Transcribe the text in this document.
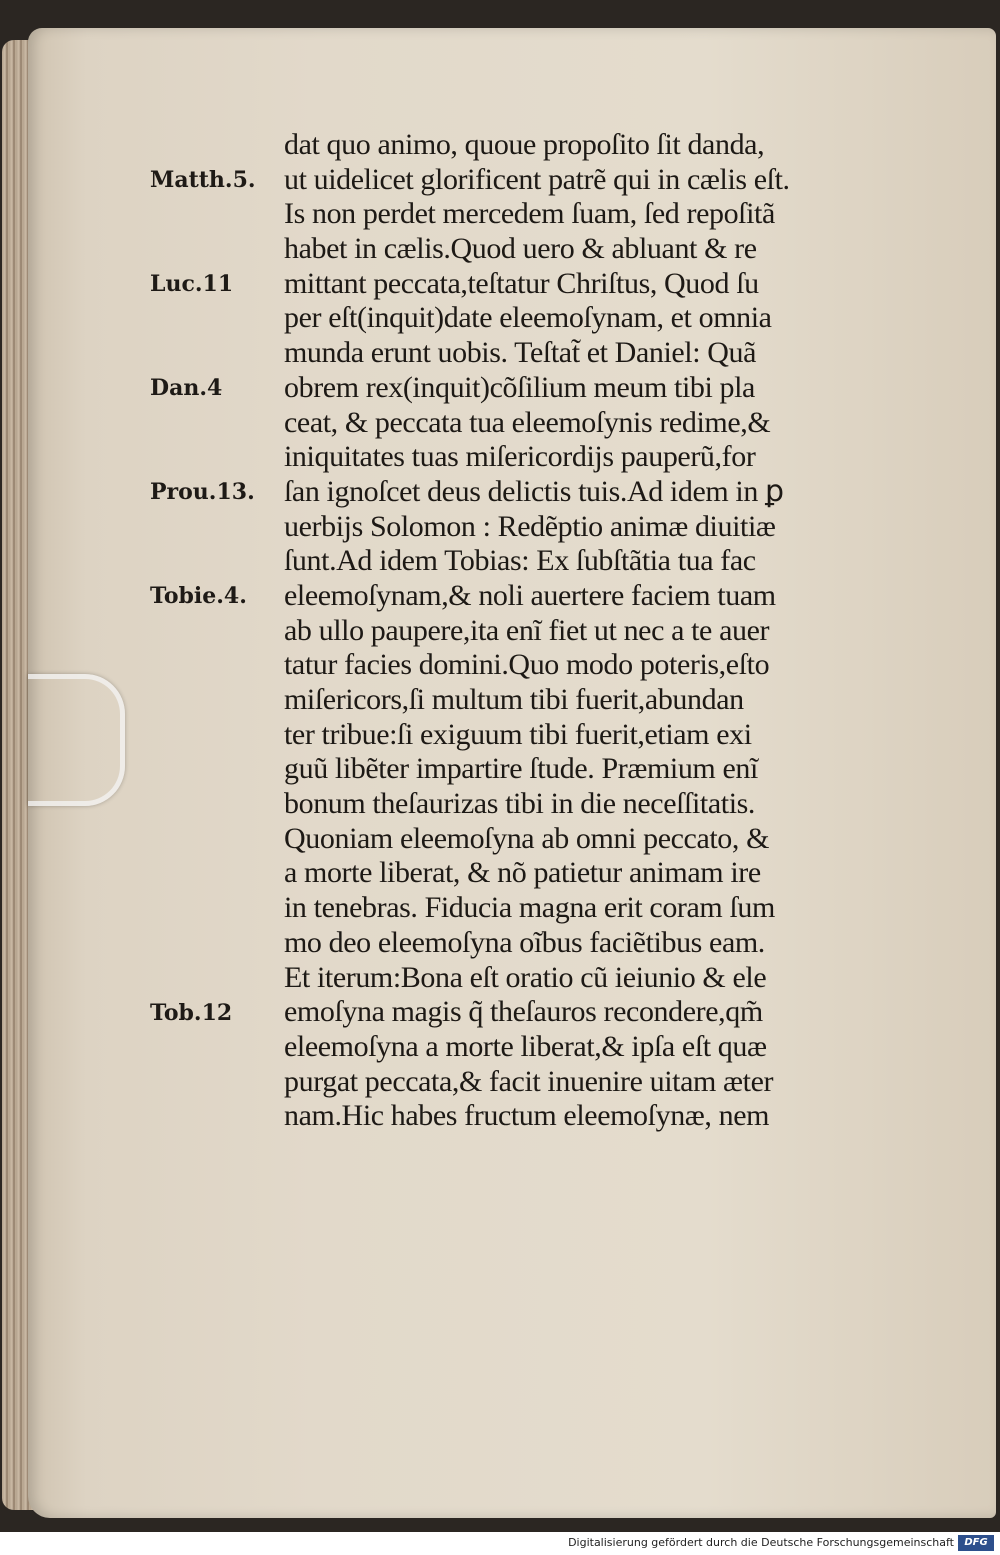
Matth.5.
Luc.11
Dan.4
Prou.13.
Tobie.4.
Tob.12
dat quo animo, quoue propoſito ſit danda,
ut uidelicet glorificent patrẽ qui in cælis eſt.
Is non perdet mercedem ſuam, ſed repoſitã
habet in cælis.Quod uero & abluant & re
mittant peccata,teſtatur Chriſtus, Quod ſu
per eſt(inquit)date eleemoſynam, et omnia
munda erunt uobis. Teſtat̃ et Daniel: Quã
obrem rex(inquit)cõſilium meum tibi pla
ceat, & peccata tua eleemoſynis redime,&
iniquitates tuas miſericordijs pauperũ,for
ſan ignoſcet deus delictis tuis.Ad idem in ꝑ
uerbijs Solomon : Redẽptio animæ diuitiæ
ſunt.Ad idem Tobias: Ex ſubſtãtia tua fac
eleemoſynam,& noli auertere faciem tuam
ab ullo paupere,ita enĩ fiet ut nec a te auer
tatur facies domini.Quo modo poteris,eſto
miſericors,ſi multum tibi fuerit,abundan
ter tribue:ſi exiguum tibi fuerit,etiam exi
guũ libẽter impartire ſtude. Præmium enĩ
bonum theſaurizas tibi in die neceſſitatis.
Quoniam eleemoſyna ab omni peccato, &
a morte liberat, & nõ patietur animam ire
in tenebras. Fiducia magna erit coram ſum
mo deo eleemoſyna oĩbus faciẽtibus eam.
Et iterum:Bona eſt oratio cũ ieiunio & ele
emoſyna magis q̃ theſauros recondere,qm̃
eleemoſyna a morte liberat,& ipſa eſt quæ
purgat peccata,& facit inuenire uitam æter
nam.Hic habes fructum eleemoſynæ, nem
Digitalisierung gefördert durch die Deutsche Forschungsgemeinschaft	DFG
